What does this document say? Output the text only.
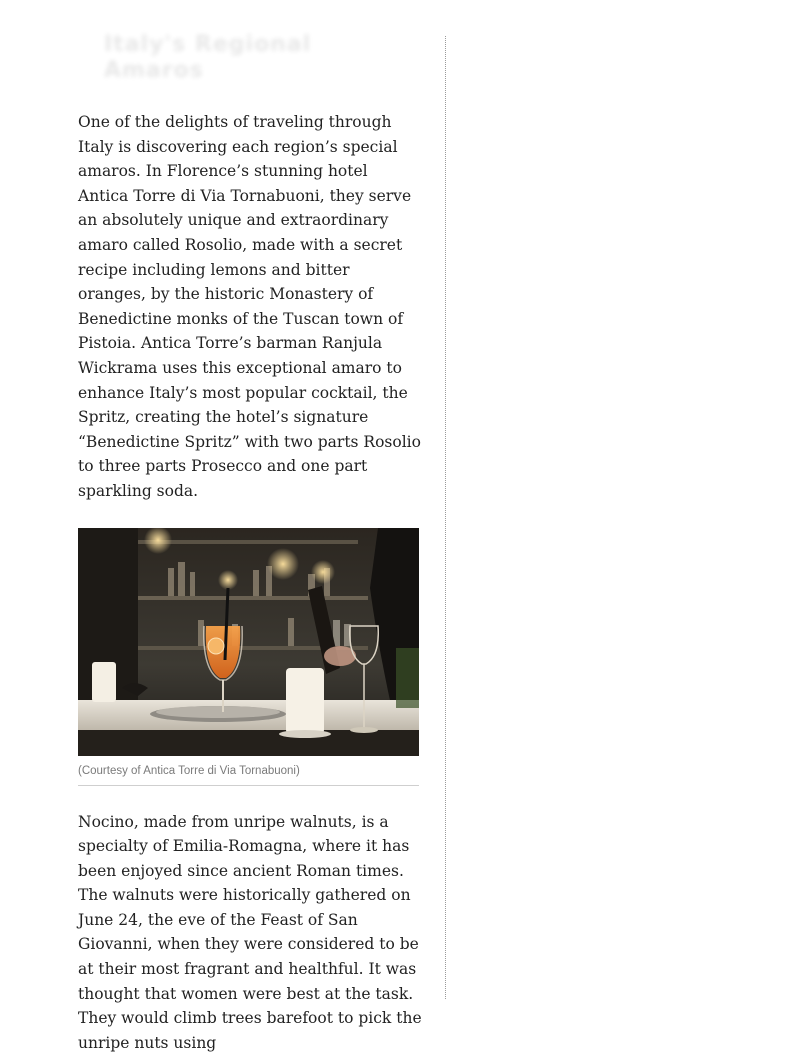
Italy's Regional Amaros

One of the delights of traveling through Italy is discovering each region’s special amaros. In Florence’s stunning hotel Antica Torre di Via Tornabuoni, they serve an absolutely unique and extraordinary amaro called Rosolio, made with a secret recipe including lemons and bitter oranges, by the historic Monastery of Benedictine monks of the Tuscan town of Pistoia. Antica Torre’s barman Ranjula Wickrama uses this exceptional amaro to enhance Italy’s most popular cocktail, the Spritz, creating the hotel’s signature “Benedictine Spritz” with two parts Rosolio to three parts Prosecco and one part sparkling soda.

(Courtesy of Antica Torre di Via Tornabuoni)

Nocino, made from unripe walnuts, is a specialty of Emilia-Romagna, where it has been enjoyed since ancient Roman times.

The walnuts were historically gathered on June 24, the eve of the Feast of San Giovanni, when they were considered to be at their most fragrant and healthful. It was thought that women were best at the task. They would climb trees barefoot to pick the unripe nuts using
